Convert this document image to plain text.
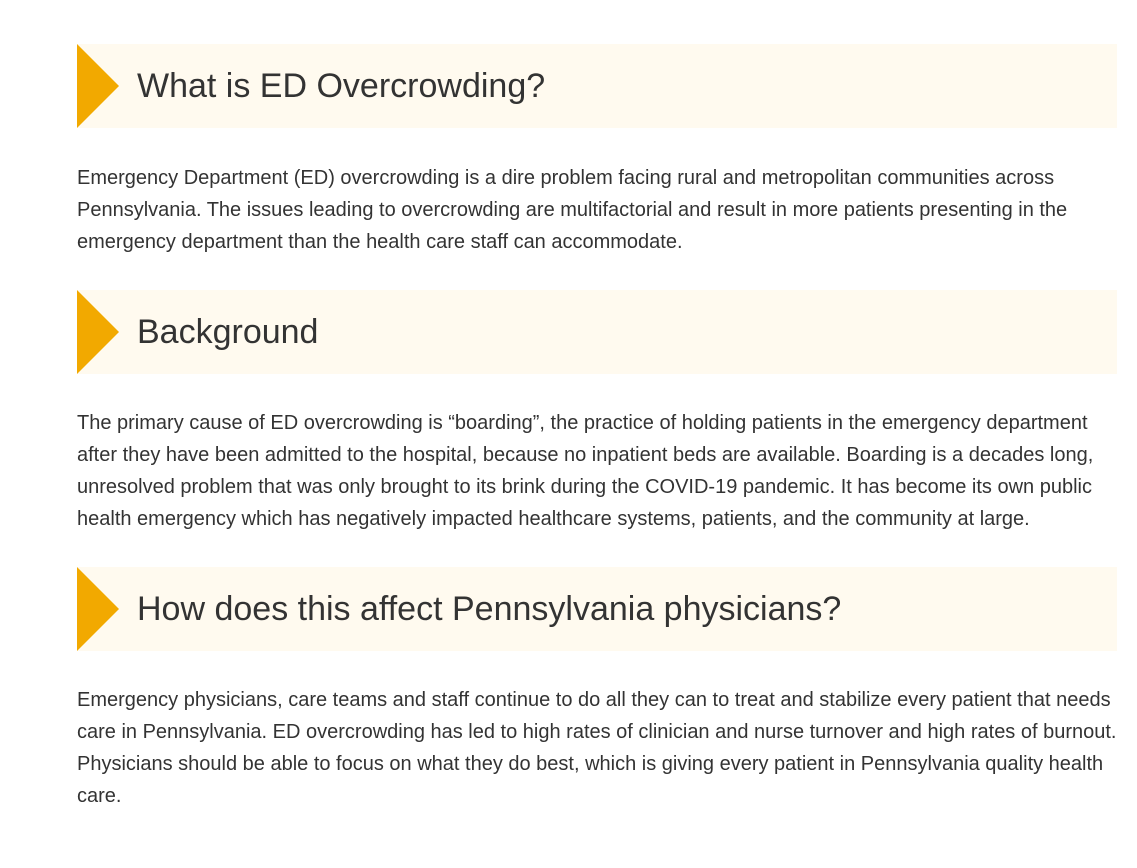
What is ED Overcrowding?

Emergency Department (ED) overcrowding is a dire problem facing rural and metropolitan communities across Pennsylvania. The issues leading to overcrowding are multifactorial and result in more patients presenting in the emergency department than the health care staff can accommodate.

Background

The primary cause of ED overcrowding is “boarding”, the practice of holding patients in the emergency department after they have been admitted to the hospital, because no inpatient beds are available. Boarding is a decades long, unresolved problem that was only brought to its brink during the COVID-19 pandemic. It has become its own public health emergency which has negatively impacted healthcare systems, patients, and the community at large.

How does this affect Pennsylvania physicians?

Emergency physicians, care teams and staff continue to do all they can to treat and stabilize every patient that needs care in Pennsylvania. ED overcrowding has led to high rates of clinician and nurse turnover and high rates of burnout. Physicians should be able to focus on what they do best, which is giving every patient in Pennsylvania quality health care.
